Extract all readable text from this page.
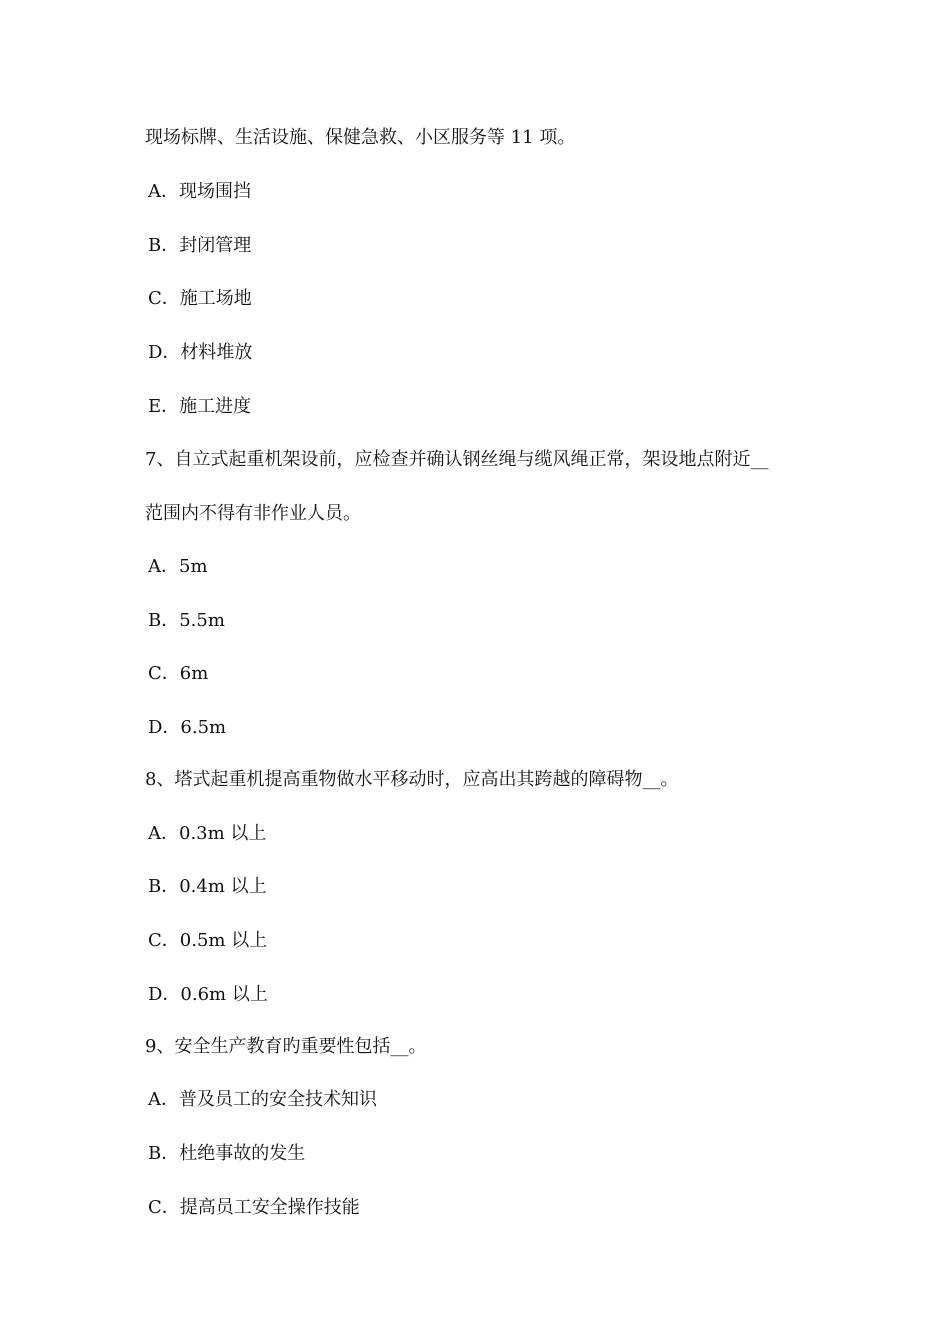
现场标牌、生活设施、保健急救、小区服务等 11 项。
A．现场围挡
B．封闭管理
C．施工场地
D．材料堆放
E．施工进度
7、自立式起重机架设前，应检查并确认钢丝绳与缆风绳正常，架设地点附近__
范围内不得有非作业人员。
A．5m
B．5.5m
C．6m
D．6.5m
8、塔式起重机提高重物做水平移动时，应高出其跨越的障碍物__。
A．0.3m 以上
B．0.4m 以上
C．0.5m 以上
D．0.6m 以上
9、安全生产教育旳重要性包括__。
A．普及员工的安全技术知识
B．杜绝事故的发生
C．提高员工安全操作技能
